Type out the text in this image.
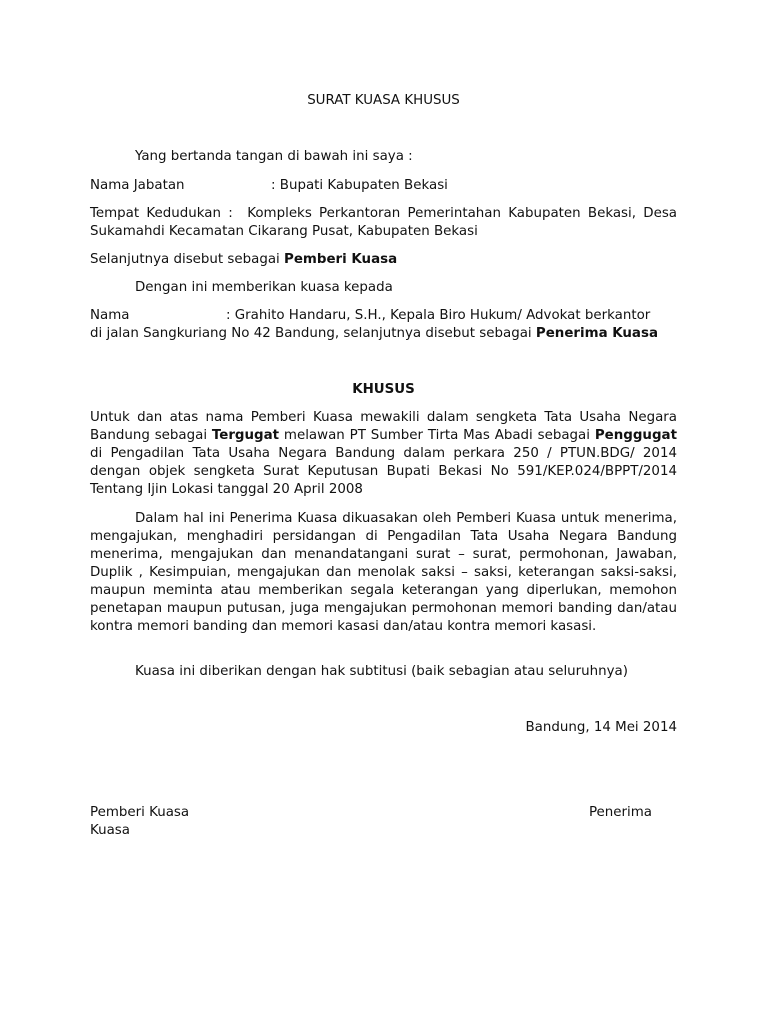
SURAT KUASA KHUSUS

Yang bertanda tangan di bawah ini saya :

Nama Jabatan	: Bupati Kabupaten Bekasi

Tempat Kedudukan : Kompleks Perkantoran Pemerintahan Kabupaten Bekasi, Desa Sukamahdi Kecamatan Cikarang Pusat, Kabupaten Bekasi

Selanjutnya disebut sebagai Pemberi Kuasa

Dengan ini memberikan kuasa kepada

Nama	: Grahito Handaru, S.H., Kepala Biro Hukum/ Advokat berkantor

di jalan Sangkuriang No 42 Bandung, selanjutnya disebut sebagai Penerima Kuasa

KHUSUS

Untuk dan atas nama Pemberi Kuasa mewakili dalam sengketa Tata Usaha Negara Bandung sebagai Tergugat melawan PT Sumber Tirta Mas Abadi sebagai Penggugat di Pengadilan Tata Usaha Negara Bandung dalam perkara 250 / PTUN.BDG/ 2014 dengan objek sengketa Surat Keputusan Bupati Bekasi No 591/KEP.024/BPPT/2014 Tentang Ijin Lokasi tanggal 20 April 2008

Dalam hal ini Penerima Kuasa dikuasakan oleh Pemberi Kuasa untuk menerima, mengajukan, menghadiri persidangan di Pengadilan Tata Usaha Negara Bandung menerima, mengajukan dan menandatangani surat – surat, permohonan, Jawaban, Duplik , Kesimpuian, mengajukan dan menolak saksi – saksi, keterangan saksi-saksi, maupun meminta atau memberikan segala keterangan yang diperlukan, memohon penetapan maupun putusan, juga mengajukan permohonan memori banding dan/atau kontra memori banding dan memori kasasi dan/atau kontra memori kasasi.

Kuasa ini diberikan dengan hak subtitusi (baik sebagian atau seluruhnya)

Bandung, 14 Mei 2014

Pemberi Kuasa	Penerima
Kuasa
